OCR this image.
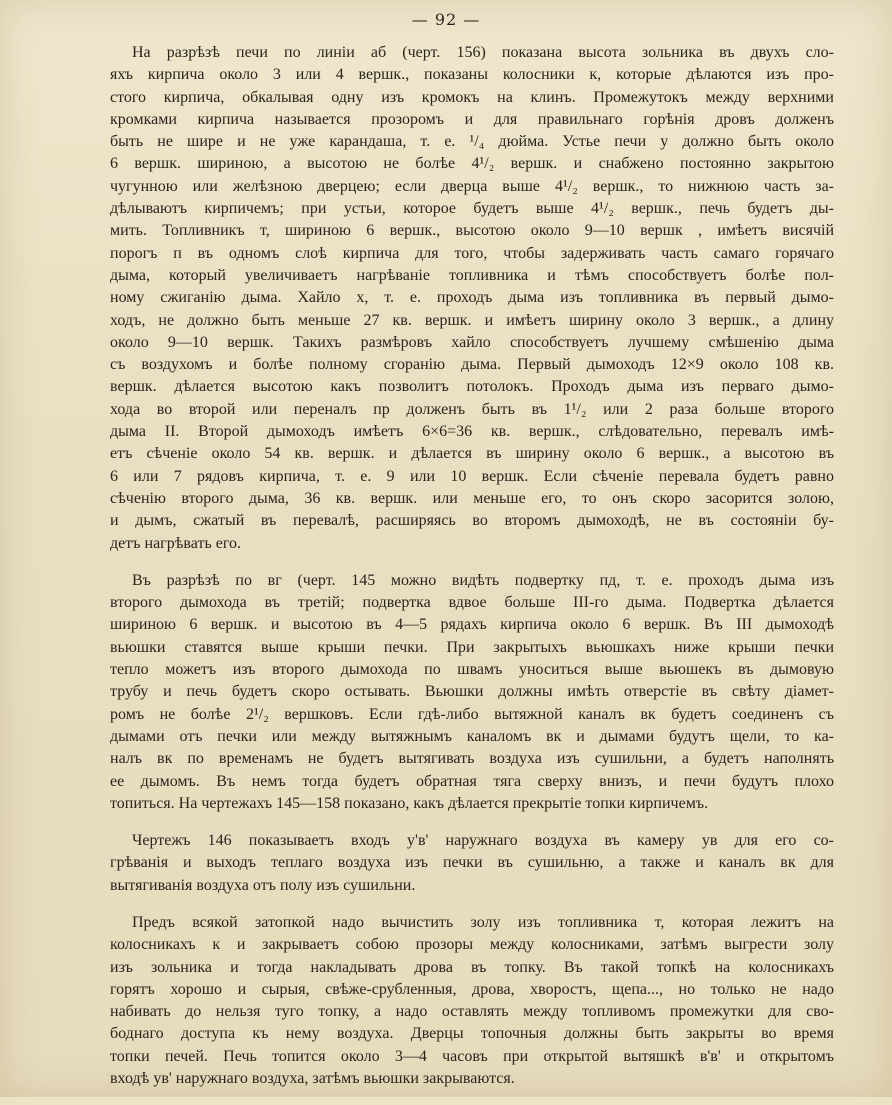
— 92 —
На разрѣзѣ печи по линіи аб (черт. 156) показана высота зольника въ двухъ сло-
яхъ кирпича около 3 или 4 вершк., показаны колосники к, которые дѣлаются изъ про-
стого кирпича, обкалывая одну изъ кромокъ на клинъ. Промежутокъ между верхними
кромками кирпича называется прозоромъ и для правильнаго горѣнія дровъ долженъ
быть не шире и не уже карандаша, т. е. ¹/₄ дюйма. Устье печи у должно быть около
6 вершк. шириною, а высотою не болѣе 4¹/₂ вершк. и снабжено постоянно закрытою
чугунною или желѣзною дверцею; если дверца выше 4¹/₂ вершк., то нижнюю часть за-
дѣлываютъ кирпичемъ; при устьи, которое будетъ выше 4¹/₂ вершк., печь будетъ ды-
мить. Топливникъ т, шириною 6 вершк., высотою около 9—10 вершк , имѣетъ висячій
порогъ п въ одномъ слоѣ кирпича для того, чтобы задерживать часть самаго горячаго
дыма, который увеличиваетъ нагрѣваніе топливника и тѣмъ способствуетъ болѣе пол-
ному сжиганію дыма. Хайло х, т. е. проходъ дыма изъ топливника въ первый дымо-
ходъ, не должно быть меньше 27 кв. вершк. и имѣетъ ширину около 3 вершк., а длину
около 9—10 вершк. Такихъ размѣровъ хайло способствуетъ лучшему смѣшенію дыма
съ воздухомъ и болѣе полному сгоранію дыма. Первый дымоходъ 12×9 около 108 кв.
вершк. дѣлается высотою какъ позволитъ потолокъ. Проходъ дыма изъ перваго дымо-
хода во второй или переналъ пр долженъ быть въ 1¹/₂ или 2 раза больше второго
дыма II. Второй дымоходъ имѣетъ 6×6=36 кв. вершк., слѣдовательно, перевалъ имѣ-
етъ сѣченіе около 54 кв. вершк. и дѣлается въ ширину около 6 вершк., а высотою въ
6 или 7 рядовъ кирпича, т. е. 9 или 10 вершк. Если сѣченіе перевала будетъ равно
сѣченію второго дыма, 36 кв. вершк. или меньше его, то онъ скоро засорится золою,
и дымъ, сжатый въ перевалѣ, расширяясь во второмъ дымоходѣ, не въ состояніи бу-
детъ нагрѣвать его.
Въ разрѣзѣ по вг (черт. 145 можно видѣть подвертку пд, т. е. проходъ дыма изъ
второго дымохода въ третій; подвертка вдвое больше III-го дыма. Подвертка дѣлается
шириною 6 вершк. и высотою въ 4—5 рядахъ кирпича около 6 вершк. Въ III дымоходѣ
вьюшки ставятся выше крыши печки. При закрытыхъ вьюшкахъ ниже крыши печки
тепло можетъ изъ второго дымохода по швамъ уноситься выше вьюшекъ въ дымовую
трубу и печь будетъ скоро остывать. Вьюшки должны имѣть отверстіе въ свѣту діамет-
ромъ не болѣе 2¹/₂ вершковъ. Если гдѣ-либо вытяжной каналъ вк будетъ соединенъ съ
дымами отъ печки или между вытяжнымъ каналомъ вк и дымами будутъ щели, то ка-
налъ вк по временамъ не будетъ вытягивать воздуха изъ сушильни, а будетъ наполнять
ее дымомъ. Въ немъ тогда будетъ обратная тяга сверху внизъ, и печи будутъ плохо
топиться. На чертежахъ 145—158 показано, какъ дѣлается прекрытіе топки кирпичемъ.
Чертежъ 146 показываетъ входъ у'в' наружнаго воздуха въ камеру ув для его со-
грѣванія и выходъ теплаго воздуха изъ печки въ сушильню, а также и каналъ вк для
вытягиванія воздуха отъ полу изъ сушильни.
Предъ всякой затопкой надо вычистить золу изъ топливника т, которая лежитъ на
колосникахъ к и закрываетъ собою прозоры между колосниками, затѣмъ выгрести золу
изъ зольника и тогда накладывать дрова въ топку. Въ такой топкѣ на колосникахъ
горятъ хорошо и сырыя, свѣже-срубленныя, дрова, хворостъ, щепа..., но только не надо
набивать до нельзя туго топку, а надо оставлять между топливомъ промежутки для сво-
боднаго доступа къ нему воздуха. Дверцы топочныя должны быть закрыты во время
топки печей. Печь топится около 3—4 часовъ при открытой вытяшкѣ в'в' и открытомъ
входѣ ув' наружнаго воздуха, затѣмъ вьюшки закрываются.
